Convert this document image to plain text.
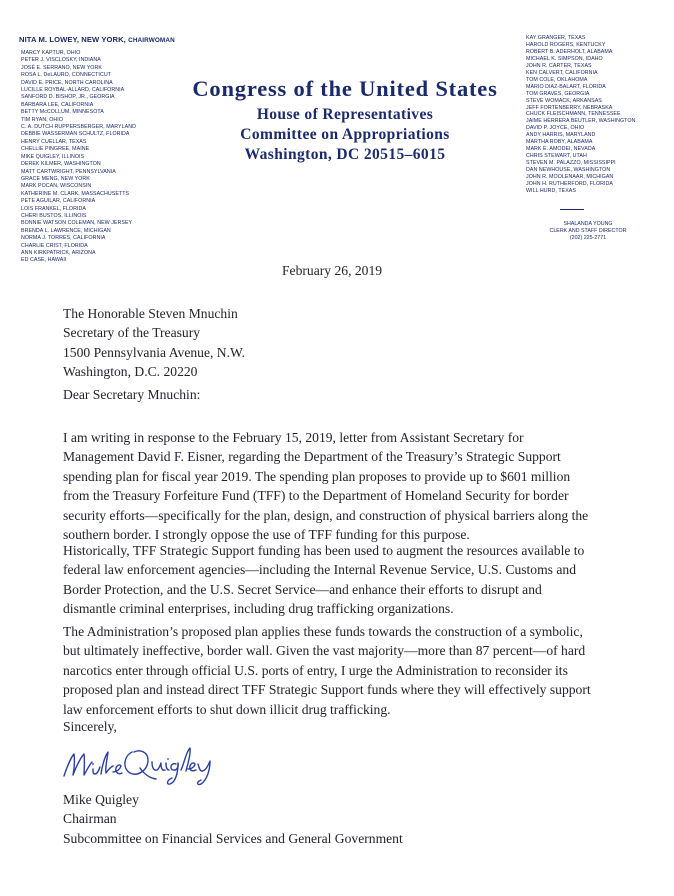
NITA M. LOWEY, NEW YORK, CHAIRWOMAN
MARCY KAPTUR, OHIO
PETER J. VISCLOSKY, INDIANA
JOSÉ E. SERRANO, NEW YORK
ROSA L. DeLAURO, CONNECTICUT
DAVID E. PRICE, NORTH CAROLINA
LUCILLE ROYBAL-ALLARD, CALIFORNIA
SANFORD D. BISHOP, JR., GEORGIA
BARBARA LEE, CALIFORNIA
BETTY McCOLLUM, MINNESOTA
TIM RYAN, OHIO
C. A. DUTCH RUPPERSBERGER, MARYLAND
DEBBIE WASSERMAN SCHULTZ, FLORIDA
HENRY CUELLAR, TEXAS
CHELLIE PINGREE, MAINE
MIKE QUIGLEY, ILLINOIS
DEREK KILMER, WASHINGTON
MATT CARTWRIGHT, PENNSYLVANIA
GRACE MENG, NEW YORK
MARK POCAN, WISCONSIN
KATHERINE M. CLARK, MASSACHUSETTS
PETE AGUILAR, CALIFORNIA
LOIS FRANKEL, FLORIDA
CHERI BUSTOS, ILLINOIS
BONNIE WATSON COLEMAN, NEW JERSEY
BRENDA L. LAWRENCE, MICHIGAN
NORMA J. TORRES, CALIFORNIA
CHARLIE CRIST, FLORIDA
ANN KIRKPATRICK, ARIZONA
ED CASE, HAWAII
Congress of the United States
House of Representatives
Committee on Appropriations
Washington, DC 20515–6015
KAY GRANGER, TEXAS
HAROLD ROGERS, KENTUCKY
ROBERT B. ADERHOLT, ALABAMA
MICHAEL K. SIMPSON, IDAHO
JOHN R. CARTER, TEXAS
KEN CALVERT, CALIFORNIA
TOM COLE, OKLAHOMA
MARIO DIAZ-BALART, FLORIDA
TOM GRAVES, GEORGIA
STEVE WOMACK, ARKANSAS
JEFF FORTENBERRY, NEBRASKA
CHUCK FLEISCHMANN, TENNESSEE
JAIME HERRERA BEUTLER, WASHINGTON
DAVID P. JOYCE, OHIO
ANDY HARRIS, MARYLAND
MARTHA ROBY, ALABAMA
MARK E. AMODEI, NEVADA
CHRIS STEWART, UTAH
STEVEN M. PALAZZO, MISSISSIPPI
DAN NEWHOUSE, WASHINGTON
JOHN R. MOOLENAAR, MICHIGAN
JOHN H. RUTHERFORD, FLORIDA
WILL HURD, TEXAS
SHALANDA YOUNG
CLERK AND STAFF DIRECTOR
(202) 225-2771
February 26, 2019
The Honorable Steven Mnuchin
Secretary of the Treasury
1500 Pennsylvania Avenue, N.W.
Washington, D.C. 20220
Dear Secretary Mnuchin:
I am writing in response to the February 15, 2019, letter from Assistant Secretary for
Management David F. Eisner, regarding the Department of the Treasury’s Strategic Support
spending plan for fiscal year 2019. The spending plan proposes to provide up to $601 million
from the Treasury Forfeiture Fund (TFF) to the Department of Homeland Security for border
security efforts—specifically for the plan, design, and construction of physical barriers along the
southern border. I strongly oppose the use of TFF funding for this purpose.
Historically, TFF Strategic Support funding has been used to augment the resources available to
federal law enforcement agencies—including the Internal Revenue Service, U.S. Customs and
Border Protection, and the U.S. Secret Service—and enhance their efforts to disrupt and
dismantle criminal enterprises, including drug trafficking organizations.
The Administration’s proposed plan applies these funds towards the construction of a symbolic,
but ultimately ineffective, border wall. Given the vast majority—more than 87 percent—of hard
narcotics enter through official U.S. ports of entry, I urge the Administration to reconsider its
proposed plan and instead direct TFF Strategic Support funds where they will effectively support
law enforcement efforts to shut down illicit drug trafficking.
Sincerely,
Mike Quigley
Chairman
Subcommittee on Financial Services and General Government
